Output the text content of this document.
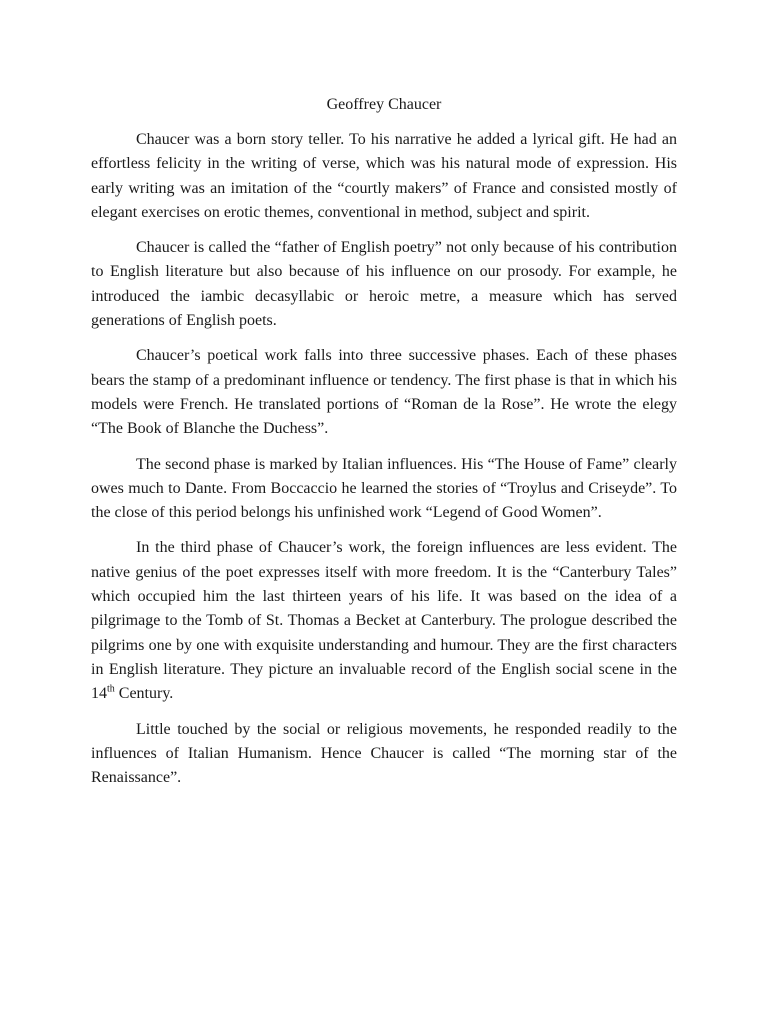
Geoffrey Chaucer

Chaucer was a born story teller. To his narrative he added a lyrical gift. He had an effortless felicity in the writing of verse, which was his natural mode of expression. His early writing was an imitation of the “courtly makers” of France and consisted mostly of elegant exercises on erotic themes, conventional in method, subject and spirit.

Chaucer is called the “father of English poetry” not only because of his contribution to English literature but also because of his influence on our prosody. For example, he introduced the iambic decasyllabic or heroic metre, a measure which has served generations of English poets.

Chaucer’s poetical work falls into three successive phases. Each of these phases bears the stamp of a predominant influence or tendency. The first phase is that in which his models were French. He translated portions of “Roman de la Rose”. He wrote the elegy “The Book of Blanche the Duchess”.

The second phase is marked by Italian influences. His “The House of Fame” clearly owes much to Dante. From Boccaccio he learned the stories of “Troylus and Criseyde”. To the close of this period belongs his unfinished work “Legend of Good Women”.

In the third phase of Chaucer’s work, the foreign influences are less evident. The native genius of the poet expresses itself with more freedom. It is the “Canterbury Tales” which occupied him the last thirteen years of his life. It was based on the idea of a pilgrimage to the Tomb of St. Thomas a Becket at Canterbury. The prologue described the pilgrims one by one with exquisite understanding and humour. They are the first characters in English literature. They picture an invaluable record of the English social scene in the 14th Century.

Little touched by the social or religious movements, he responded readily to the influences of Italian Humanism. Hence Chaucer is called “The morning star of the Renaissance”.
